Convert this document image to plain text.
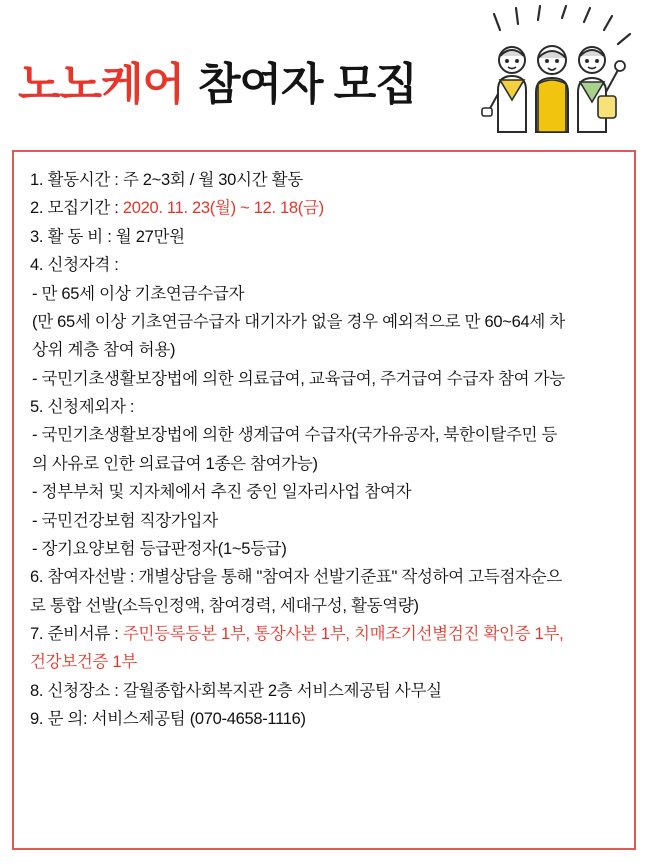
노노케어 참여자 모집
1. 활동시간 : 주 2~3회 / 월 30시간 활동
2. 모집기간 : 2020. 11. 23(월) ~ 12. 18(금)
3. 활 동 비 : 월 27만원
4. 신청자격 :
- 만 65세 이상 기초연금수급자
(만 65세 이상 기초연금수급자 대기자가 없을 경우 예외적으로 만 60~64세 차
상위 계층 참여 허용)
- 국민기초생활보장법에 의한 의료급여, 교육급여, 주거급여 수급자 참여 가능
5. 신청제외자 :
- 국민기초생활보장법에 의한 생계급여 수급자(국가유공자, 북한이탈주민 등
의 사유로 인한 의료급여 1종은 참여가능)
- 정부부처 및 지자체에서 추진 중인 일자리사업 참여자
- 국민건강보험 직장가입자
- 장기요양보험 등급판정자(1~5등급)
6. 참여자선발 : 개별상담을 통해 "참여자 선발기준표" 작성하여 고득점자순으
로 통합 선발(소득인정액, 참여경력, 세대구성, 활동역량)
7. 준비서류 : 주민등록등본 1부, 통장사본 1부, 치매조기선별검진 확인증 1부,
건강보건증 1부
8. 신청장소 : 갈월종합사회복지관 2층 서비스제공팀 사무실
9. 문 의: 서비스제공팀 (070-4658-1116)
